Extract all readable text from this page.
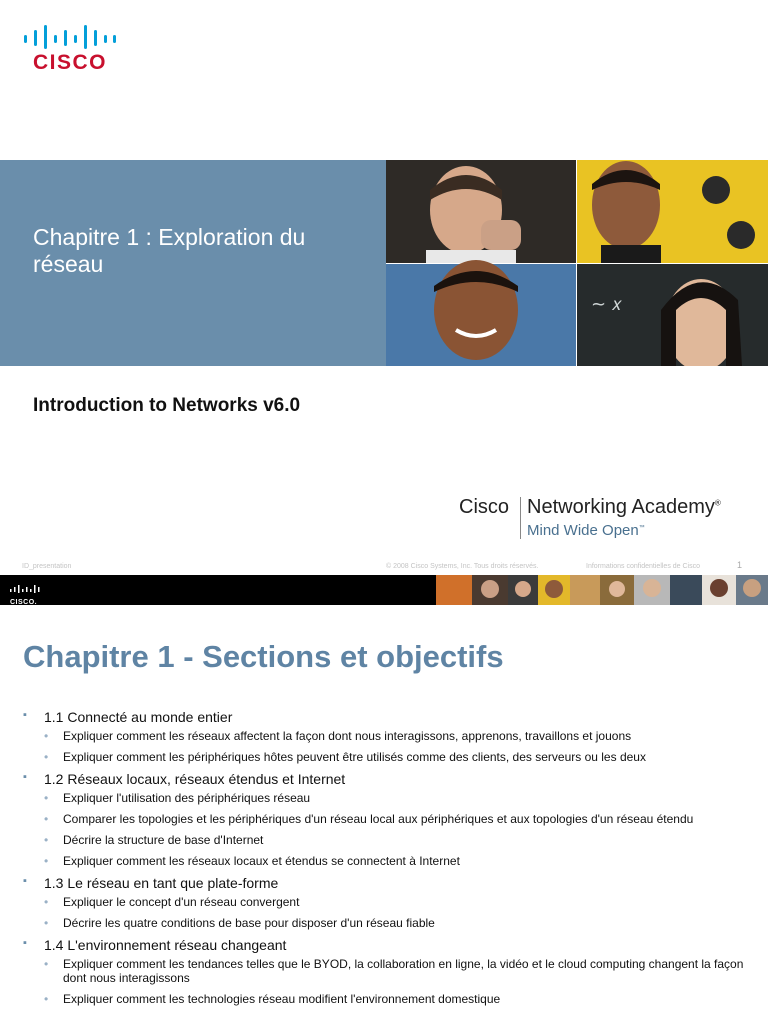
CISCO
Chapitre 1 : Exploration du réseau
~ 𝑥
Introduction to Networks v6.0
Cisco Networking Academy®
Mind Wide Open™
ID_presentation	© 2008 Cisco Systems, Inc. Tous droits réservés.	Informations confidentielles de Cisco	1
CISCO.
Chapitre 1 - Sections et objectifs
▪ 1.1 Connecté au monde entier
• Expliquer comment les réseaux affectent la façon dont nous interagissons, apprenons, travaillons et jouons
• Expliquer comment les périphériques hôtes peuvent être utilisés comme des clients, des serveurs ou les deux
▪ 1.2 Réseaux locaux, réseaux étendus et Internet
• Expliquer l'utilisation des périphériques réseau
• Comparer les topologies et les périphériques d'un réseau local aux périphériques et aux topologies d'un réseau étendu
• Décrire la structure de base d'Internet
• Expliquer comment les réseaux locaux et étendus se connectent à Internet
▪ 1.3 Le réseau en tant que plate-forme
• Expliquer le concept d'un réseau convergent
• Décrire les quatre conditions de base pour disposer d'un réseau fiable
▪ 1.4 L'environnement réseau changeant
• Expliquer comment les tendances telles que le BYOD, la collaboration en ligne, la vidéo et le cloud computing changent la façon dont nous interagissons
• Expliquer comment les technologies réseau modifient l'environnement domestique
